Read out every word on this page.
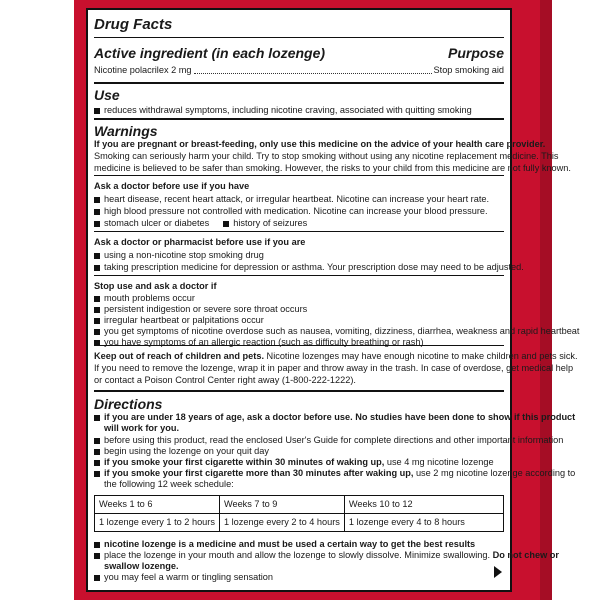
Drug Facts
Active ingredient (in each lozenge)	Purpose
Nicotine polacrilex 2 mg	Stop smoking aid
Use
reduces withdrawal symptoms, including nicotine craving, associated with quitting smoking
Warnings
If you are pregnant or breast-feeding, only use this medicine on the advice of your health care provider.
Smoking can seriously harm your child. Try to stop smoking without using any nicotine replacement medicine. This
medicine is believed to be safer than smoking. However, the risks to your child from this medicine are not fully known.
Ask a doctor before use if you have
heart disease, recent heart attack, or irregular heartbeat. Nicotine can increase your heart rate.
high blood pressure not controlled with medication. Nicotine can increase your blood pressure.
stomach ulcer or diabetes	history of seizures
Ask a doctor or pharmacist before use if you are
using a non-nicotine stop smoking drug
taking prescription medicine for depression or asthma. Your prescription dose may need to be adjusted.
Stop use and ask a doctor if
mouth problems occur
persistent indigestion or severe sore throat occurs
irregular heartbeat or palpitations occur
you get symptoms of nicotine overdose such as nausea, vomiting, dizziness, diarrhea, weakness and rapid heartbeat
you have symptoms of an allergic reaction (such as difficulty breathing or rash)
Keep out of reach of children and pets. Nicotine lozenges may have enough nicotine to make children and pets sick.
If you need to remove the lozenge, wrap it in paper and throw away in the trash. In case of overdose, get medical help
or contact a Poison Control Center right away (1-800-222-1222).
Directions
if you are under 18 years of age, ask a doctor before use. No studies have been done to show if this product
will work for you.
before using this product, read the enclosed User's Guide for complete directions and other important information
begin using the lozenge on your quit day
if you smoke your first cigarette within 30 minutes of waking up, use 4 mg nicotine lozenge
if you smoke your first cigarette more than 30 minutes after waking up, use 2 mg nicotine lozenge according to
the following 12 week schedule:
Weeks 1 to 6	Weeks 7 to 9	Weeks 10 to 12
1 lozenge every 1 to 2 hours	1 lozenge every 2 to 4 hours	1 lozenge every 4 to 8 hours
nicotine lozenge is a medicine and must be used a certain way to get the best results
place the lozenge in your mouth and allow the lozenge to slowly dissolve. Minimize swallowing. Do not chew or
swallow lozenge.
you may feel a warm or tingling sensation
